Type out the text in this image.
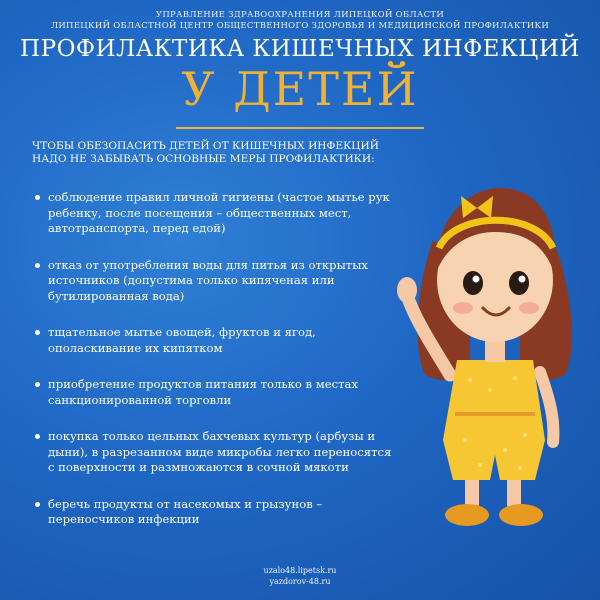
УПРАВЛЕНИЕ ЗДРАВООХРАНЕНИЯ ЛИПЕЦКОЙ ОБЛАСТИ
ЛИПЕЦКИЙ ОБЛАСТНОЙ ЦЕНТР ОБЩЕСТВЕННОГО ЗДОРОВЬЯ И МЕДИЦИНСКОЙ ПРОФИЛАКТИКИ
ПРОФИЛАКТИКА КИШЕЧНЫХ ИНФЕКЦИЙ
У ДЕТЕЙ
ЧТОБЫ ОБЕЗОПАСИТЬ ДЕТЕЙ ОТ КИШЕЧНЫХ ИНФЕКЦИЙ
НАДО НЕ ЗАБЫВАТЬ ОСНОВНЫЕ МЕРЫ ПРОФИЛАКТИКИ:
соблюдение правил личной гигиены (частое мытье рук ребенку, после посещения – общественных мест, автотранспорта, перед едой)
отказ от употребления воды для питья из открытых источников (допустима только кипяченая или бутилированная вода)
тщательное мытье овощей, фруктов и ягод, ополаскивание их кипятком
приобретение продуктов питания только в местах санкционированной торговли
покупка только цельных бахчевых культур (арбузы и дыни), в разрезанном виде микробы легко переносятся с поверхности и размножаются в сочной мякоти
беречь продукты от насекомых и грызунов – переносчиков инфекции
uzalo48.lipetsk.ru
yazdorov-48.ru
